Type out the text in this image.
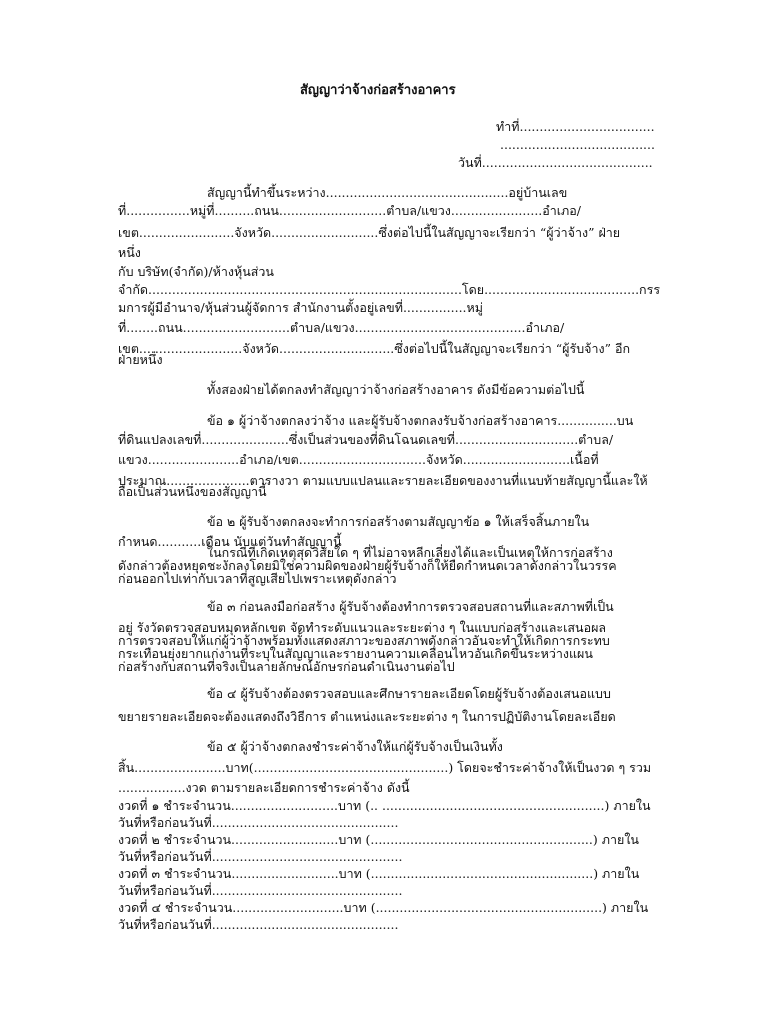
สัญญาว่าจ้างก่อสร้างอาคาร
ทำที่..................................
.......................................
วันที่...........................................
สัญญานี้ทำขึ้นระหว่าง..............................................อยู่บ้านเลข
ที่................หมู่ที่..........ถนน...........................ตำบล/แขวง.......................อำเภอ/
เขต........................จังหวัด...........................ซึ่งต่อไปนี้ในสัญญาจะเรียกว่า “ผู้ว่าจ้าง” ฝ่าย
หนึ่ง
กับ บริษัท(จำกัด)/ห้างหุ้นส่วน
จำกัด...............................................................................โดย.......................................กรร
มการผู้มีอำนาจ/หุ้นส่วนผู้จัดการ สำนักงานตั้งอยู่เลขที่................หมู่
ที่........ถนน...........................ตำบล/แขวง...........................................อำเภอ/
เขต..........................จังหวัด.............................ซึ่งต่อไปนี้ในสัญญาจะเรียกว่า “ผู้รับจ้าง” อีก
ฝ่ายหนึ่ง
ทั้งสองฝ่ายได้ตกลงทำสัญญาว่าจ้างก่อสร้างอาคาร ดังมีข้อความต่อไปนี้
ข้อ ๑ ผู้ว่าจ้างตกลงว่าจ้าง และผู้รับจ้างตกลงรับจ้างก่อสร้างอาคาร...............บน
ที่ดินแปลงเลขที่......................ซึ่งเป็นส่วนของที่ดินโฉนดเลขที่...............................ตำบล/
แขวง.......................อำเภอ/เขต................................จังหวัด...........................เนื้อที่
ประมาณ.....................ตารางวา ตามแบบแปลนและรายละเอียดของงานที่แนบท้ายสัญญานี้และให้
ถือเป็นส่วนหนึ่งของสัญญานี้
ข้อ ๒ ผู้รับจ้างตกลงจะทำการก่อสร้างตามสัญญาข้อ ๑ ให้เสร็จสิ้นภายใน
กำหนด...........เดือน นับแต่วันทำสัญญานี้
ในกรณีที่เกิดเหตุสุดวิสัยใด ๆ ที่ไม่อาจหลีกเลี่ยงได้และเป็นเหตุให้การก่อสร้าง
ดังกล่าวต้องหยุดชะงักลงโดยมิใช่ความผิดของฝ่ายผู้รับจ้างก็ให้ยืดกำหนดเวลาดังกล่าวในวรรค
ก่อนออกไปเท่ากับเวลาที่สูญเสียไปเพราะเหตุดังกล่าว
ข้อ ๓ ก่อนลงมือก่อสร้าง ผู้รับจ้างต้องทำการตรวจสอบสถานที่และสภาพที่เป็น
อยู่ รังวัดตรวจสอบหมุดหลักเขต จัดทำระดับแนวและระยะต่าง ๆ ในแบบก่อสร้างและเสนอผล
การตรวจสอบให้แก่ผู้ว่าจ้างพร้อมทั้งแสดงสภาวะของสภาพดังกล่าวอันจะทำให้เกิดการกระทบ
กระเทือนยุ่งยากแก่งานที่ระบุในสัญญาและรายงานความเคลื่อนไหวอันเกิดขึ้นระหว่างแผน
ก่อสร้างกับสถานที่จริงเป็นลายลักษณ์อักษรก่อนดำเนินงานต่อไป
ข้อ ๔ ผู้รับจ้างต้องตรวจสอบและศึกษารายละเอียดโดยผู้รับจ้างต้องเสนอแบบ
ขยายรายละเอียดจะต้องแสดงถึงวิธีการ ตำแหน่งและระยะต่าง ๆ ในการปฏิบัติงานโดยละเอียด
ข้อ ๕ ผู้ว่าจ้างตกลงชำระค่าจ้างให้แก่ผู้รับจ้างเป็นเงินทั้ง
สิ้น.......................บาท(.................................................) โดยจะชำระค่าจ้างให้เป็นงวด ๆ รวม
.................งวด ตามรายละเอียดการชำระค่าจ้าง ดังนี้
งวดที่ ๑ ชำระจำนวน...........................บาท (.. ........................................................) ภายใน
วันที่หรือก่อนวันที่...............................................
งวดที่ ๒ ชำระจำนวน...........................บาท (........................................................) ภายใน
วันที่หรือก่อนวันที่................................................
งวดที่ ๓ ชำระจำนวน...........................บาท (........................................................) ภายใน
วันที่หรือก่อนวันที่................................................
งวดที่ ๔ ชำระจำนวน............................บาท (.........................................................) ภายใน
วันที่หรือก่อนวันที่...............................................
